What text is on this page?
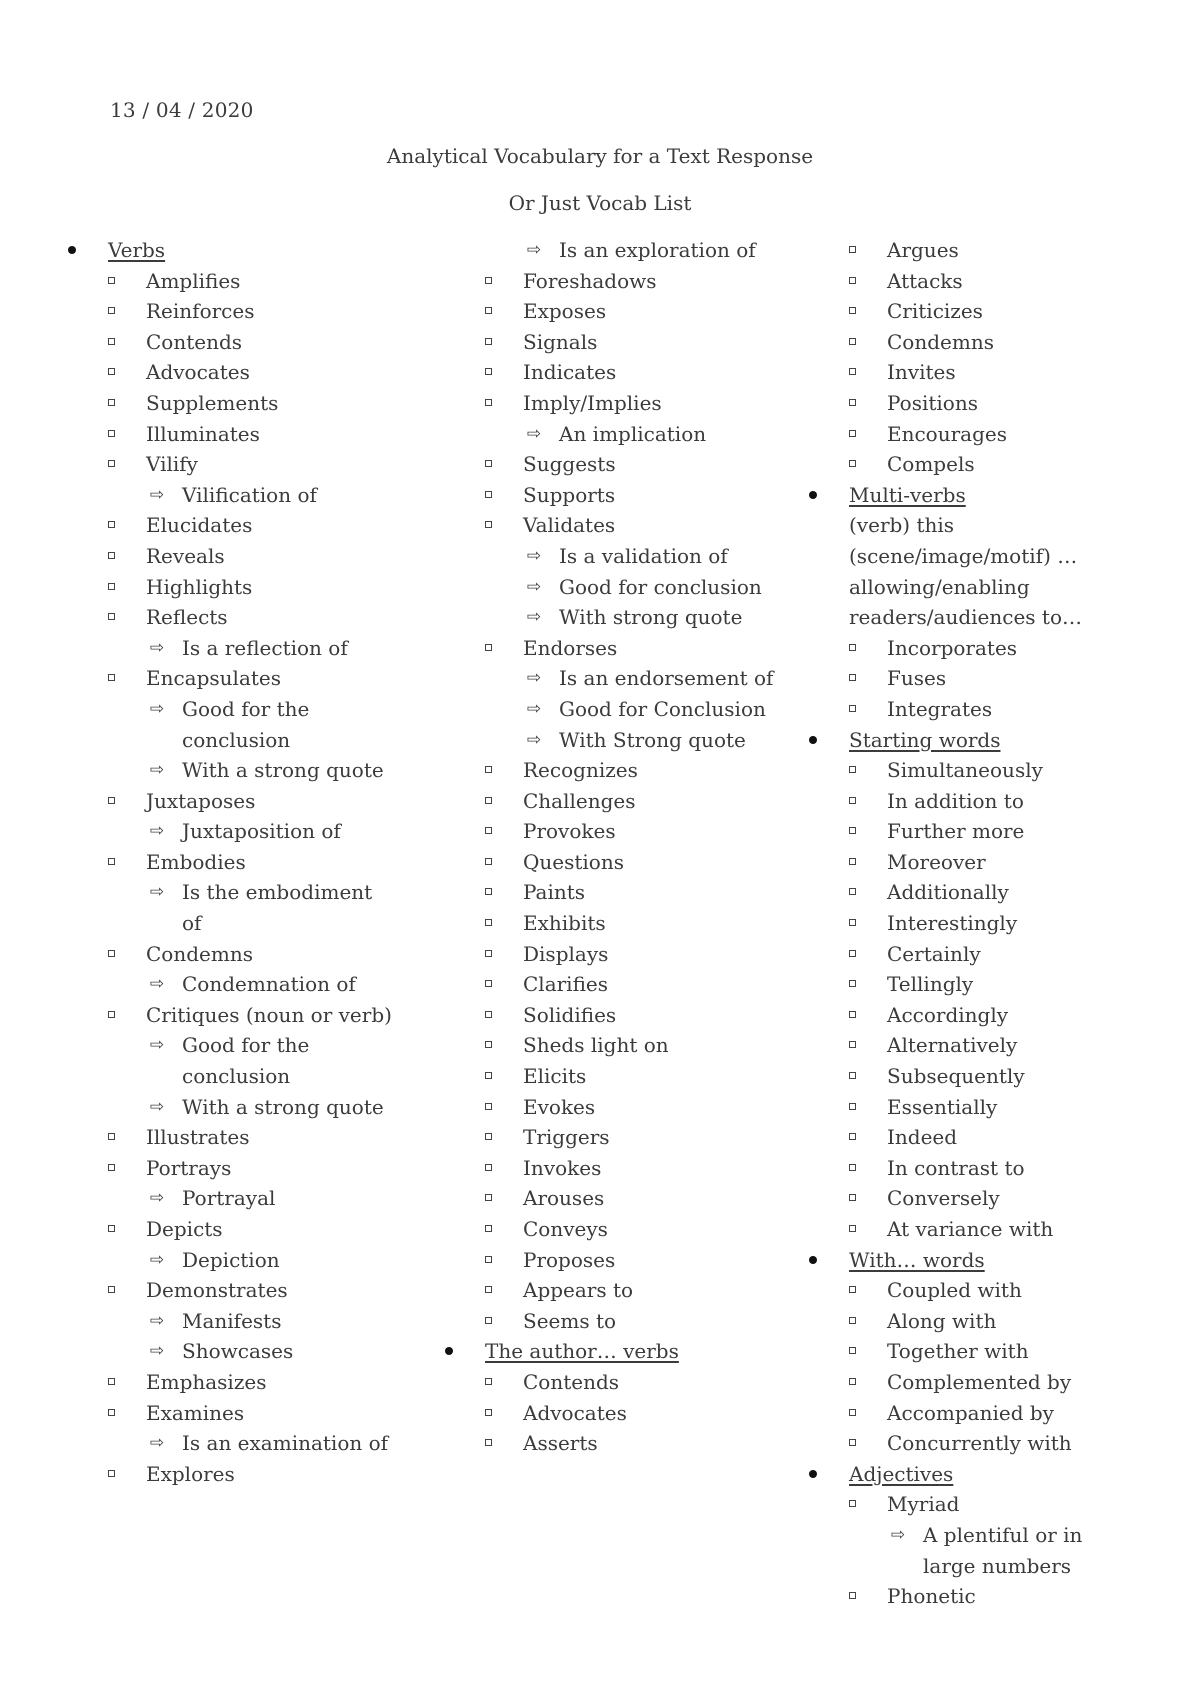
13 / 04 / 2020
Analytical Vocabulary for a Text Response
Or Just Vocab List
Verbs
Amplifies
Reinforces
Contends
Advocates
Supplements
Illuminates
Vilify
⇨ Vilification of
Elucidates
Reveals
Highlights
Reflects
⇨ Is a reflection of
Encapsulates
⇨ Good for the conclusion
⇨ With a strong quote
Juxtaposes
⇨ Juxtaposition of
Embodies
⇨ Is the embodiment of
Condemns
⇨ Condemnation of
Critiques (noun or verb)
⇨ Good for the conclusion
⇨ With a strong quote
Illustrates
Portrays
⇨ Portrayal
Depicts
⇨ Depiction
Demonstrates
⇨ Manifests
⇨ Showcases
Emphasizes
Examines
⇨ Is an examination of
Explores
⇨ Is an exploration of
Foreshadows
Exposes
Signals
Indicates
Imply/Implies
⇨ An implication
Suggests
Supports
Validates
⇨ Is a validation of
⇨ Good for conclusion
⇨ With strong quote
Endorses
⇨ Is an endorsement of
⇨ Good for Conclusion
⇨ With Strong quote
Recognizes
Challenges
Provokes
Questions
Paints
Exhibits
Displays
Clarifies
Solidifies
Sheds light on
Elicits
Evokes
Triggers
Invokes
Arouses
Conveys
Proposes
Appears to
Seems to
The author… verbs
Contends
Advocates
Asserts
Argues
Attacks
Criticizes
Condemns
Invites
Positions
Encourages
Compels
Multi-verbs
(verb) this (scene/image/motif) … allowing/enabling readers/audiences to…
Incorporates
Fuses
Integrates
Starting words
Simultaneously
In addition to
Further more
Moreover
Additionally
Interestingly
Certainly
Tellingly
Accordingly
Alternatively
Subsequently
Essentially
Indeed
In contrast to
Conversely
At variance with
With… words
Coupled with
Along with
Together with
Complemented by
Accompanied by
Concurrently with
Adjectives
Myriad
⇨ A plentiful or in large numbers
Phonetic
